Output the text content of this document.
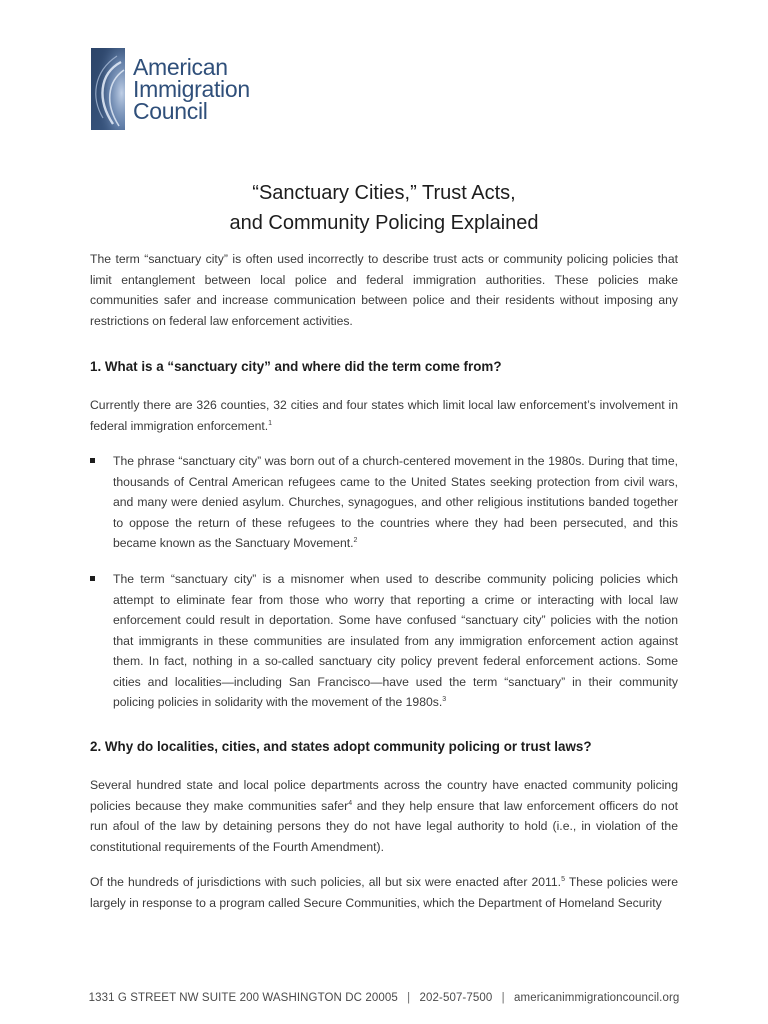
American
Immigration
Council
“Sanctuary Cities,” Trust Acts,
and Community Policing Explained
The term “sanctuary city” is often used incorrectly to describe trust acts or community policing policies that limit entanglement between local police and federal immigration authorities. These policies make communities safer and increase communication between police and their residents without imposing any restrictions on federal law enforcement activities.
1. What is a “sanctuary city” and where did the term come from?
Currently there are 326 counties, 32 cities and four states which limit local law enforcement’s involvement in federal immigration enforcement.$^1$
The phrase “sanctuary city” was born out of a church-centered movement in the 1980s. During that time, thousands of Central American refugees came to the United States seeking protection from civil wars, and many were denied asylum. Churches, synagogues, and other religious institutions banded together to oppose the return of these refugees to the countries where they had been persecuted, and this became known as the Sanctuary Movement.$^2$
The term “sanctuary city” is a misnomer when used to describe community policing policies which attempt to eliminate fear from those who worry that reporting a crime or interacting with local law enforcement could result in deportation. Some have confused “sanctuary city” policies with the notion that immigrants in these communities are insulated from any immigration enforcement action against them. In fact, nothing in a so-called sanctuary city policy prevent federal enforcement actions. Some cities and localities—including San Francisco—have used the term “sanctuary” in their community policing policies in solidarity with the movement of the 1980s.$^3$
2. Why do localities, cities, and states adopt community policing or trust laws?
Several hundred state and local police departments across the country have enacted community policing policies because they make communities safer$^4$ and they help ensure that law enforcement officers do not run afoul of the law by detaining persons they do not have legal authority to hold (i.e., in violation of the constitutional requirements of the Fourth Amendment).
Of the hundreds of jurisdictions with such policies, all but six were enacted after 2011.$^5$ These policies were largely in response to a program called Secure Communities, which the Department of Homeland Security
1331 G STREET NW SUITE 200 WASHINGTON DC 20005 | 202-507-7500 | americanimmigrationcouncil.org
